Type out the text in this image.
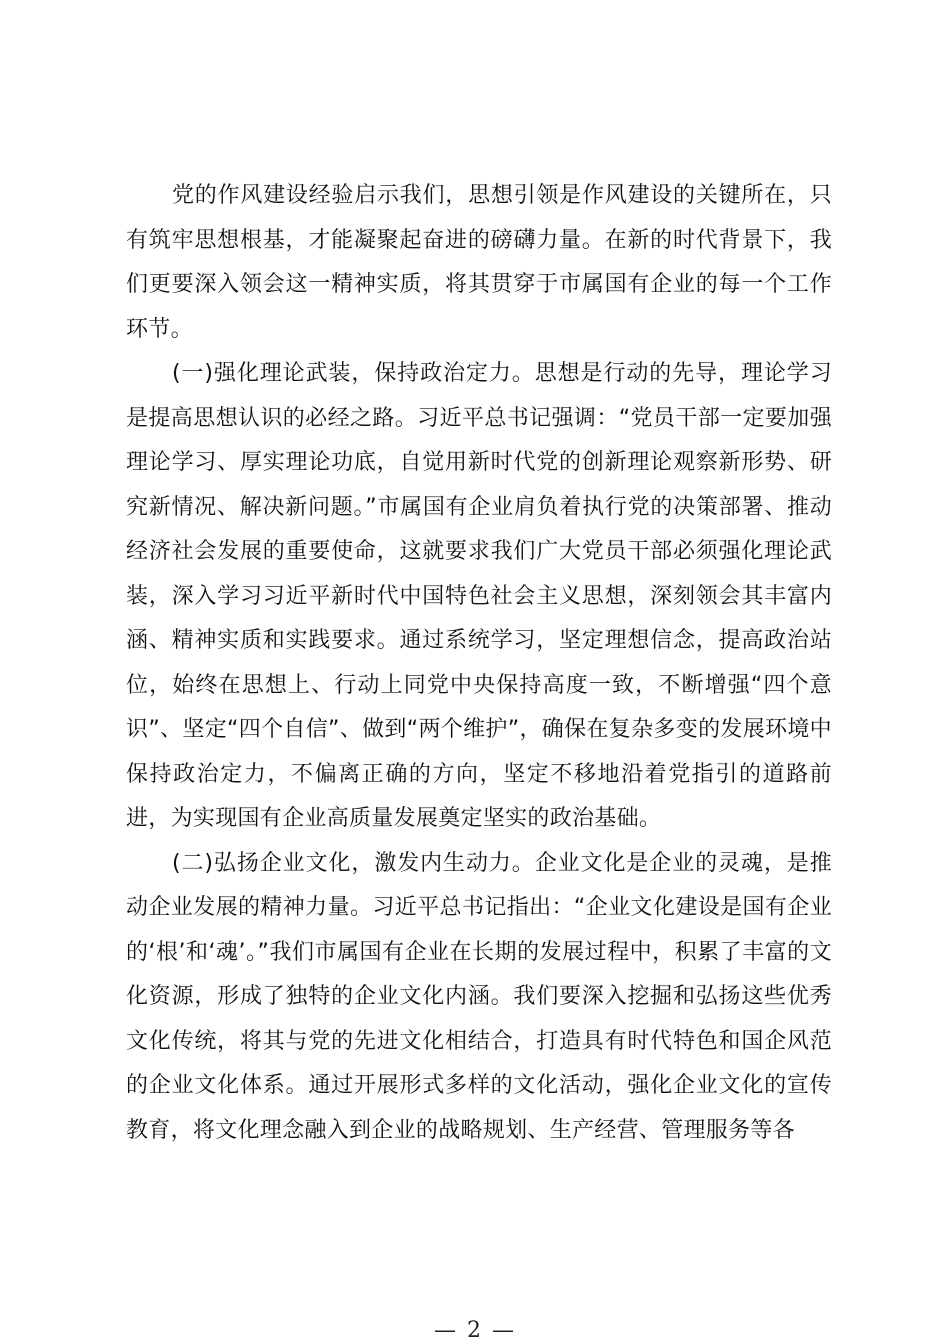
党的作风建设经验启示我们，思想引领是作风建设的关键所在，只有筑牢思想根基，才能凝聚起奋进的磅礴力量。在新的时代背景下，我们更要深入领会这一精神实质，将其贯穿于市属国有企业的每一个工作环节。

(一)强化理论武装，保持政治定力。思想是行动的先导，理论学习是提高思想认识的必经之路。习近平总书记强调：“党员干部一定要加强理论学习、厚实理论功底，自觉用新时代党的创新理论观察新形势、研究新情况、解决新问题。”市属国有企业肩负着执行党的决策部署、推动经济社会发展的重要使命，这就要求我们广大党员干部必须强化理论武装，深入学习习近平新时代中国特色社会主义思想，深刻领会其丰富内涵、精神实质和实践要求。通过系统学习，坚定理想信念，提高政治站位，始终在思想上、行动上同党中央保持高度一致，不断增强“四个意识”、坚定“四个自信”、做到“两个维护”，确保在复杂多变的发展环境中保持政治定力，不偏离正确的方向，坚定不移地沿着党指引的道路前进，为实现国有企业高质量发展奠定坚实的政治基础。

(二)弘扬企业文化，激发内生动力。企业文化是企业的灵魂，是推动企业发展的精神力量。习近平总书记指出：“企业文化建设是国有企业的‘根’和‘魂’。”我们市属国有企业在长期的发展过程中，积累了丰富的文化资源，形成了独特的企业文化内涵。我们要深入挖掘和弘扬这些优秀文化传统，将其与党的先进文化相结合，打造具有时代特色和国企风范的企业文化体系。通过开展形式多样的文化活动，强化企业文化的宣传教育，将文化理念融入到企业的战略规划、生产经营、管理服务等各

— 2 —
